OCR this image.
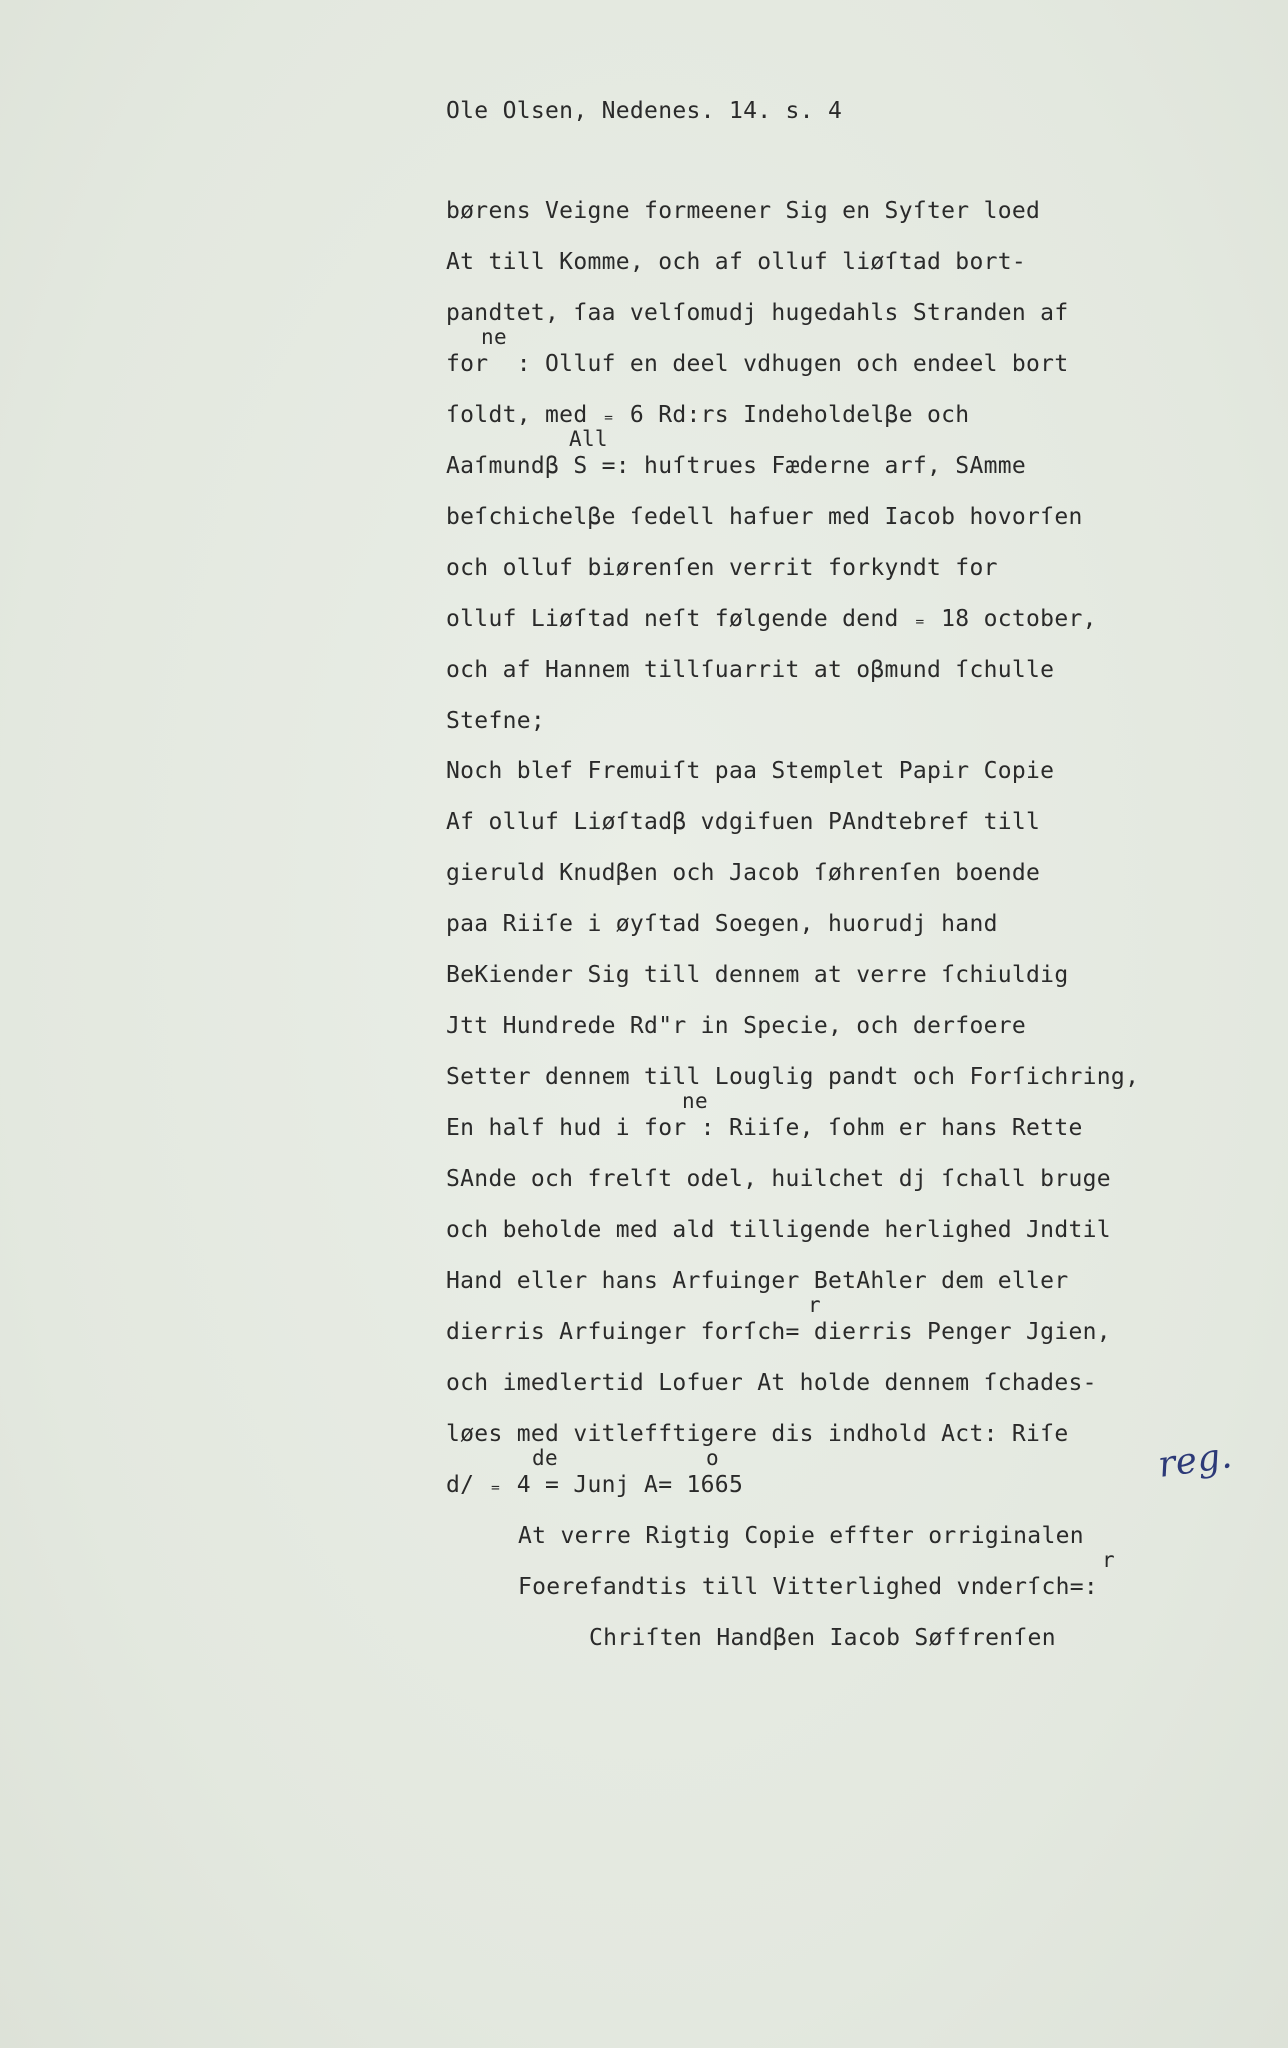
Ole Olsen, Nedenes. 14. s. 4
børens Veigne formeener Sig en Syſter loed
At till Komme, och af olluf liøſtad bort-
pandtet, ſaa velſomudj hugedahls Stranden af
ne
for  : Olluf en deel vdhugen och endeel bort
ſoldt, med ₌ 6 Rd:rs Indeholdelβe och
All
Aaſmundβ S =: huſtrues Fæderne arf, SAmme
beſchichelβe ſedell hafuer med Iacob hovorſen
och olluf biørenſen verrit forkyndt for
olluf Liøſtad neſt følgende dend ₌ 18 october,
och af Hannem tillſuarrit at oβmund ſchulle
Stefne;
Noch blef Fremuiſt paa Stemplet Papir Copie
Af olluf Liøſtadβ vdgifuen PAndtebref till
gieruld Knudβen och Jacob ſøhrenſen boende
paa Riiſe i øyſtad Soegen, huorudj hand
BeKiender Sig till dennem at verre ſchiuldig
Jtt Hundrede Rd"r in Specie, och derfoere
Setter dennem till Louglig pandt och Forſichring,
ne
En half hud i for : Riiſe, ſohm er hans Rette
SAnde och frelſt odel, huilchet dj ſchall bruge
och beholde med ald tilligende herlighed Jndtil
Hand eller hans Arfuinger BetAhler dem eller
r
dierris Arfuinger forſch= dierris Penger Jgien,
och imedlertid Lofuer At holde dennem ſchades-
løes med vitlefftigere dis indhold Act: Riſe
de	o
d/ ₌ 4 = Junj A= 1665
At verre Rigtig Copie effter orriginalen
r
Foerefandtis till Vitterlighed vnderſch=:
Chriſten Handβen Iacob Søffrenſen
reg.
